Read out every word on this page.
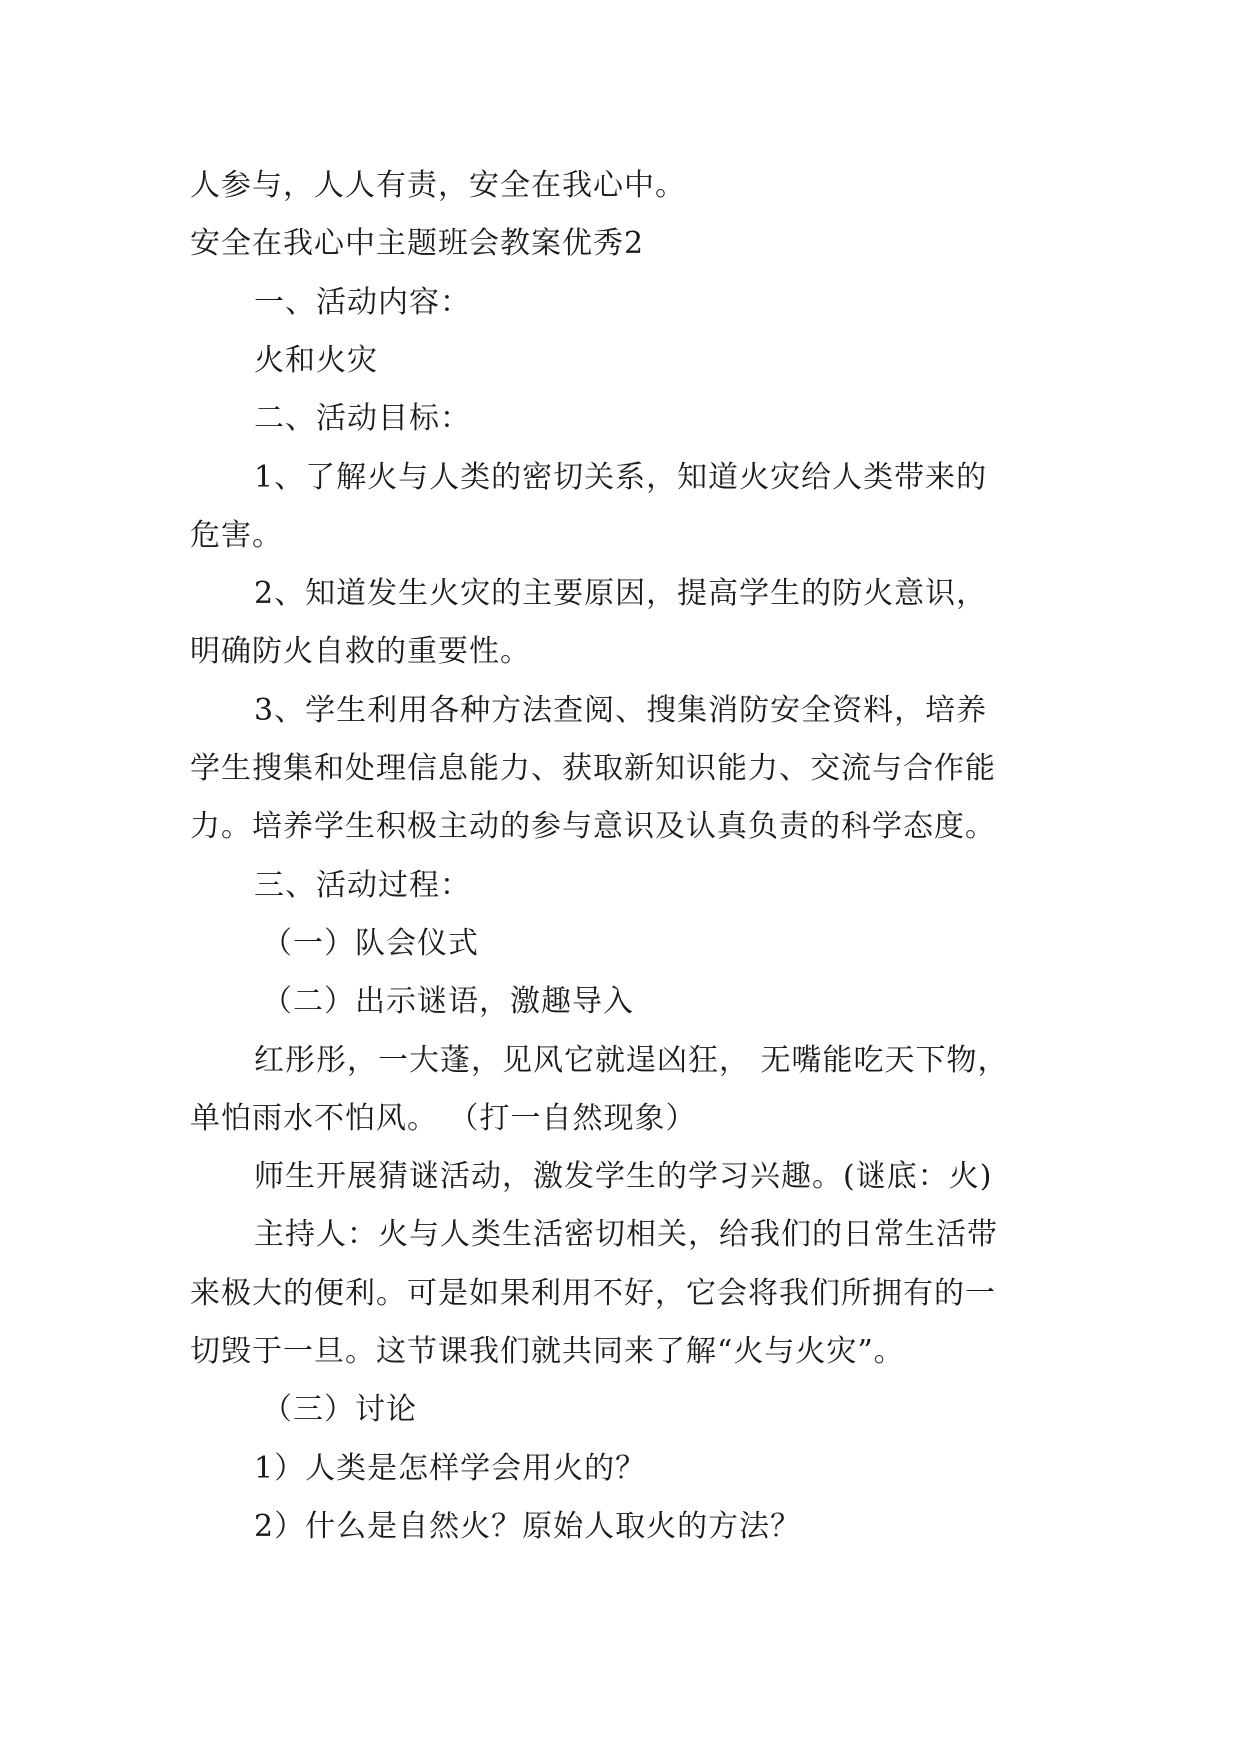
人参与，人人有责，安全在我心中。
安全在我心中主题班会教案优秀2
一、活动内容：
火和火灾
二、活动目标：
1、了解火与人类的密切关系，知道火灾给人类带来的
危害。
2、知道发生火灾的主要原因，提高学生的防火意识，
明确防火自救的重要性。
3、学生利用各种方法查阅、搜集消防安全资料，培养
学生搜集和处理信息能力、获取新知识能力、交流与合作能
力。培养学生积极主动的参与意识及认真负责的科学态度。
三、活动过程：
（一）队会仪式
（二）出示谜语，激趣导入
红彤彤，一大蓬，见风它就逞凶狂， 无嘴能吃天下物，
单怕雨水不怕风。 （打一自然现象）
师生开展猜谜活动，激发学生的学习兴趣。(谜底：火)
主持人：火与人类生活密切相关，给我们的日常生活带
来极大的便利。可是如果利用不好，它会将我们所拥有的一
切毁于一旦。这节课我们就共同来了解“火与火灾”。
（三）讨论
1）人类是怎样学会用火的？
2）什么是自然火？原始人取火的方法？
